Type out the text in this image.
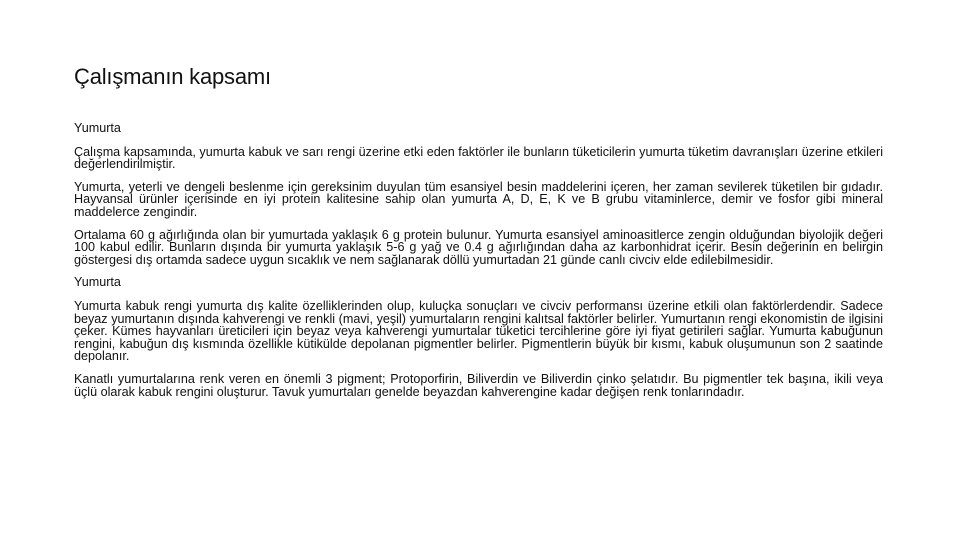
Çalışmanın kapsamı
Yumurta
Çalışma kapsamında, yumurta kabuk ve sarı rengi üzerine etki eden faktörler ile bunların tüketicilerin yumurta tüketim davranışları üzerine etkileri değerlendirilmiştir.
Yumurta, yeterli ve dengeli beslenme için gereksinim duyulan tüm esansiyel besin maddelerini içeren, her zaman sevilerek tüketilen bir gıdadır. Hayvansal ürünler içerisinde en iyi protein kalitesine sahip olan yumurta A, D, E, K ve B grubu vitaminlerce, demir ve fosfor gibi mineral maddelerce zengindir.
Ortalama 60 g ağırlığında olan bir yumurtada yaklaşık 6 g protein bulunur. Yumurta esansiyel aminoasitlerce zengin olduğundan biyolojik değeri 100 kabul edilir. Bunların dışında bir yumurta yaklaşık 5-6 g yağ ve 0.4 g ağırlığından daha az karbonhidrat içerir. Besin değerinin en belirgin göstergesi dış ortamda sadece uygun sıcaklık ve nem sağlanarak döllü yumurtadan 21 günde canlı civciv elde edilebilmesidir.
Yumurta
Yumurta kabuk rengi yumurta dış kalite özelliklerinden olup, kuluçka sonuçları ve civciv performansı üzerine etkili olan faktörlerdendir. Sadece beyaz yumurtanın dışında kahverengi ve renkli (mavi, yeşil) yumurtaların rengini kalıtsal faktörler belirler. Yumurtanın rengi ekonomistin de ilgisini çeker. Kümes hayvanları üreticileri için beyaz veya kahverengi yumurtalar tüketici tercihlerine göre iyi fiyat getirileri sağlar. Yumurta kabuğunun rengini, kabuğun dış kısmında özellikle kütikülde depolanan pigmentler belirler. Pigmentlerin büyük bir kısmı, kabuk oluşumunun son 2 saatinde depolanır.
Kanatlı yumurtalarına renk veren en önemli 3 pigment; Protoporfirin, Biliverdin ve Biliverdin çinko şelatıdır. Bu pigmentler tek başına, ikili veya üçlü olarak kabuk rengini oluşturur. Tavuk yumurtaları genelde beyazdan kahverengine kadar değişen renk tonlarındadır.
